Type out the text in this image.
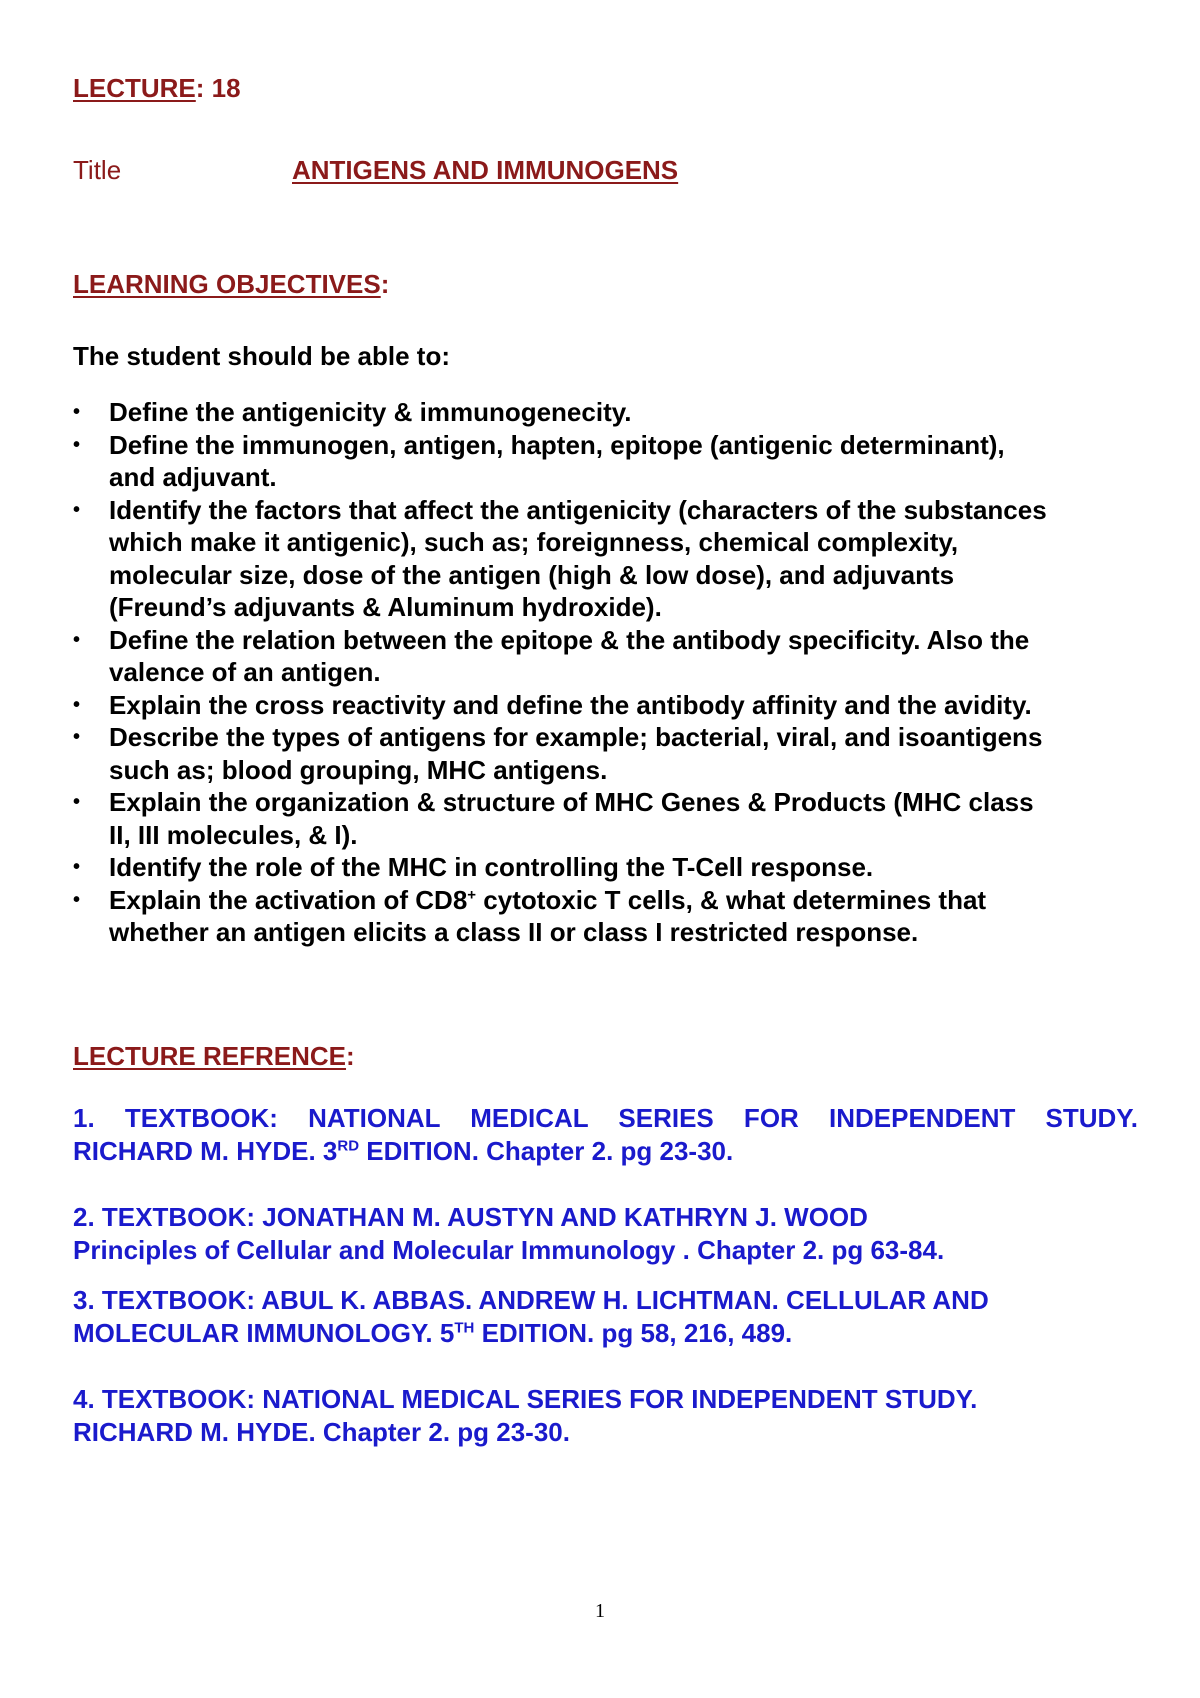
LECTURE: 18
Title	ANTIGENS AND IMMUNOGENS
LEARNING OBJECTIVES:
The student should be able to:
• Define the antigenicity & immunogenecity.
• Define the immunogen, antigen, hapten, epitope (antigenic determinant),
and adjuvant.
• Identify the factors that affect the antigenicity (characters of the substances
which make it antigenic), such as; foreignness, chemical complexity,
molecular size, dose of the antigen (high & low dose), and adjuvants
(Freund’s adjuvants & Aluminum hydroxide).
• Define the relation between the epitope & the antibody specificity. Also the
valence of an antigen.
• Explain the cross reactivity and define the antibody affinity and the avidity.
• Describe the types of antigens for example; bacterial, viral, and isoantigens
such as; blood grouping, MHC antigens.
• Explain the organization & structure of MHC Genes & Products (MHC class
II, III molecules, & I).
• Identify the role of the MHC in controlling the T-Cell response.
• Explain the activation of CD8+ cytotoxic T cells, & what determines that
whether an antigen elicits a class II or class I restricted response.
LECTURE REFRENCE:
1. TEXTBOOK: NATIONAL MEDICAL SERIES FOR INDEPENDENT STUDY.
RICHARD M. HYDE. 3RD EDITION. Chapter 2. pg 23-30.
2. TEXTBOOK: JONATHAN M. AUSTYN AND KATHRYN J. WOOD
Principles of Cellular and Molecular Immunology . Chapter 2. pg 63-84.
3. TEXTBOOK: ABUL K. ABBAS. ANDREW H. LICHTMAN. CELLULAR AND
MOLECULAR IMMUNOLOGY. 5TH EDITION. pg 58, 216, 489.
4. TEXTBOOK: NATIONAL MEDICAL SERIES FOR INDEPENDENT STUDY.
RICHARD M. HYDE. Chapter 2. pg 23-30.
1
